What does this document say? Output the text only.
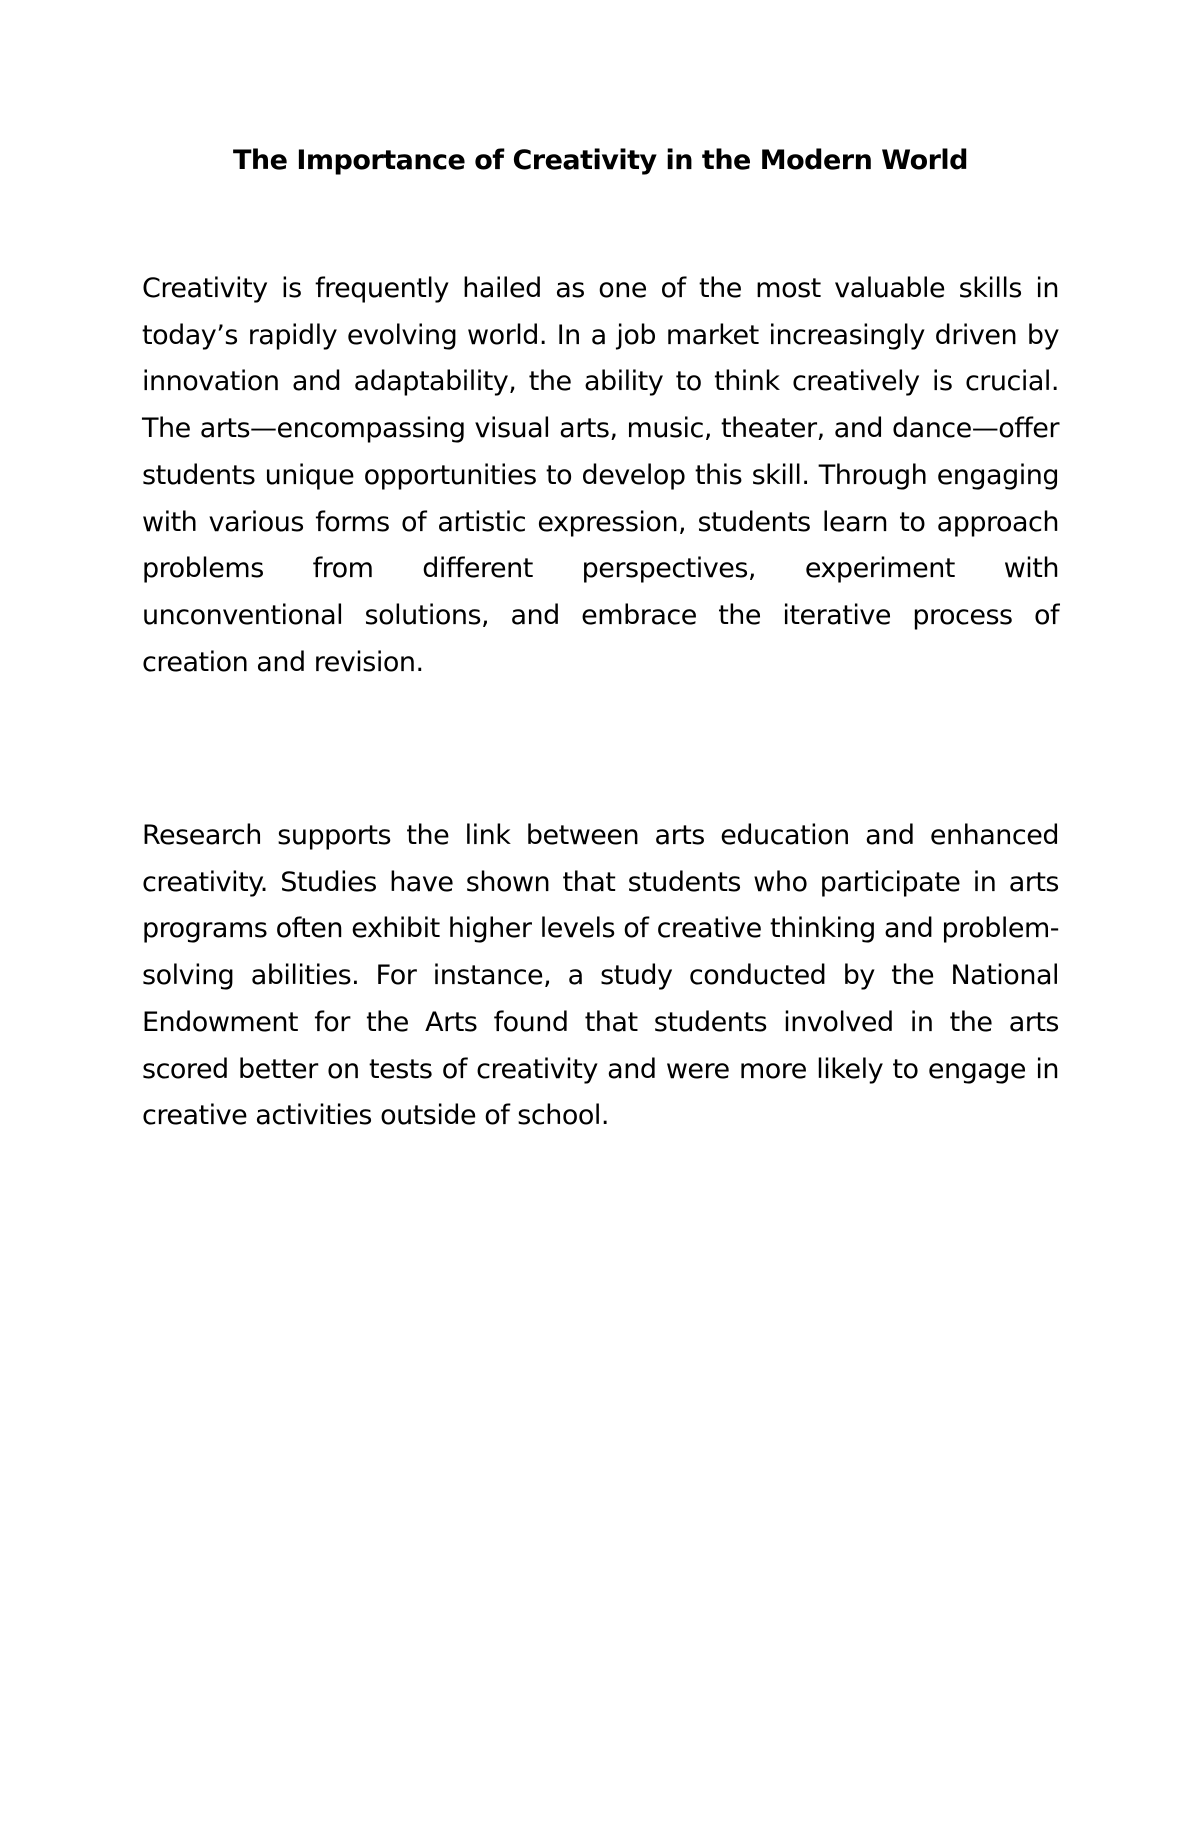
The Importance of Creativity in the Modern World

Creativity is frequently hailed as one of the most valuable skills in today’s rapidly evolving world. In a job market increasingly driven by innovation and adaptability, the ability to think creatively is crucial. The arts—encompassing visual arts, music, theater, and dance—offer students unique opportunities to develop this skill. Through engaging with various forms of artistic expression, students learn to approach problems from different perspectives, experiment with unconventional solutions, and embrace the iterative process of creation and revision.

Research supports the link between arts education and enhanced creativity. Studies have shown that students who participate in arts programs often exhibit higher levels of creative thinking and problem-solving abilities. For instance, a study conducted by the National Endowment for the Arts found that students involved in the arts scored better on tests of creativity and were more likely to engage in creative activities outside of school.
